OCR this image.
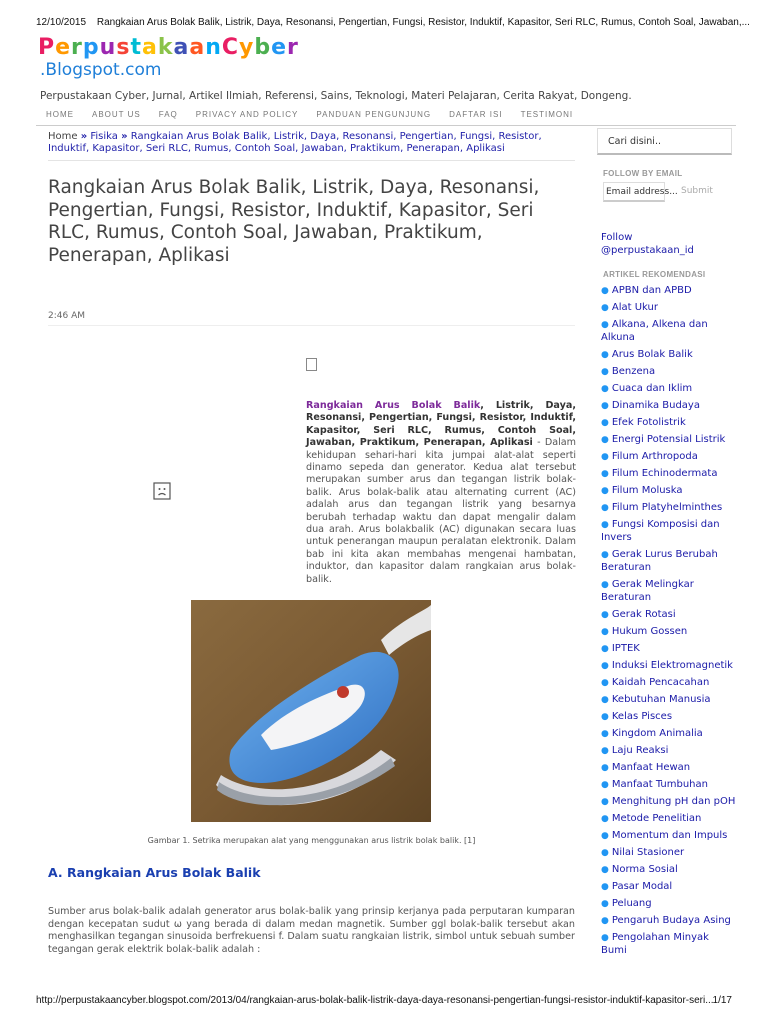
12/10/2015 Rangkaian Arus Bolak Balik, Listrik, Daya, Resonansi, Pengertian, Fungsi, Resistor, Induktif, Kapasitor, Seri RLC, Rumus, Contoh Soal, Jawaban,...
PerpustakaanCyber
.Blogspot.com
Perpustakaan Cyber, Jurnal, Artikel Ilmiah, Referensi, Sains, Teknologi, Materi Pelajaran, Cerita Rakyat, Dongeng.
HOME ABOUT US FAQ PRIVACY AND POLICY PANDUAN PENGUNJUNG DAFTAR ISI TESTIMONI
Home » Fisika » Rangkaian Arus Bolak Balik, Listrik, Daya, Resonansi, Pengertian, Fungsi, Resistor, Induktif, Kapasitor, Seri RLC, Rumus, Contoh Soal, Jawaban, Praktikum, Penerapan, Aplikasi
Rangkaian Arus Bolak Balik, Listrik, Daya, Resonansi, Pengertian, Fungsi, Resistor, Induktif, Kapasitor, Seri RLC, Rumus, Contoh Soal, Jawaban, Praktikum, Penerapan, Aplikasi
2:46 AM
Rangkaian Arus Bolak Balik, Listrik, Daya, Resonansi, Pengertian, Fungsi, Resistor, Induktif, Kapasitor, Seri RLC, Rumus, Contoh Soal, Jawaban, Praktikum, Penerapan, Aplikasi - Dalam kehidupan sehari-hari kita jumpai alat-alat seperti dinamo sepeda dan generator. Kedua alat tersebut merupakan sumber arus dan tegangan listrik bolak-balik. Arus bolak-balik atau alternating current (AC) adalah arus dan tegangan listrik yang besarnya berubah terhadap waktu dan dapat mengalir dalam dua arah. Arus bolakbalik (AC) digunakan secara luas untuk penerangan maupun peralatan elektronik. Dalam bab ini kita akan membahas mengenai hambatan, induktor, dan kapasitor dalam rangkaian arus bolak-balik.
Gambar 1. Setrika merupakan alat yang menggunakan arus listrik bolak balik. [1]
A. Rangkaian Arus Bolak Balik
Sumber arus bolak-balik adalah generator arus bolak-balik yang prinsip kerjanya pada perputaran kumparan dengan kecepatan sudut ω yang berada di dalam medan magnetik. Sumber ggl bolak-balik tersebut akan menghasilkan tegangan sinusoida berfrekuensi f. Dalam suatu rangkaian listrik, simbol untuk sebuah sumber tegangan gerak elektrik bolak-balik adalah :
Cari disini..
FOLLOW BY EMAIL
Email address... Submit
Follow
@perpustakaan_id
ARTIKEL REKOMENDASI
● APBN dan APBD
● Alat Ukur
● Alkana, Alkena dan Alkuna
● Arus Bolak Balik
● Benzena
● Cuaca dan Iklim
● Dinamika Budaya
● Efek Fotolistrik
● Energi Potensial Listrik
● Filum Arthropoda
● Filum Echinodermata
● Filum Moluska
● Filum Platyhelminthes
● Fungsi Komposisi dan Invers
● Gerak Lurus Berubah Beraturan
● Gerak Melingkar Beraturan
● Gerak Rotasi
● Hukum Gossen
● IPTEK
● Induksi Elektromagnetik
● Kaidah Pencacahan
● Kebutuhan Manusia
● Kelas Pisces
● Kingdom Animalia
● Laju Reaksi
● Manfaat Hewan
● Manfaat Tumbuhan
● Menghitung pH dan pOH
● Metode Penelitian
● Momentum dan Impuls
● Nilai Stasioner
● Norma Sosial
● Pasar Modal
● Peluang
● Pengaruh Budaya Asing
● Pengolahan Minyak Bumi
http://perpustakaancyber.blogspot.com/2013/04/rangkaian-arus-bolak-balik-listrik-daya-daya-resonansi-pengertian-fungsi-resistor-induktif-kapasitor-seri...
1/17
